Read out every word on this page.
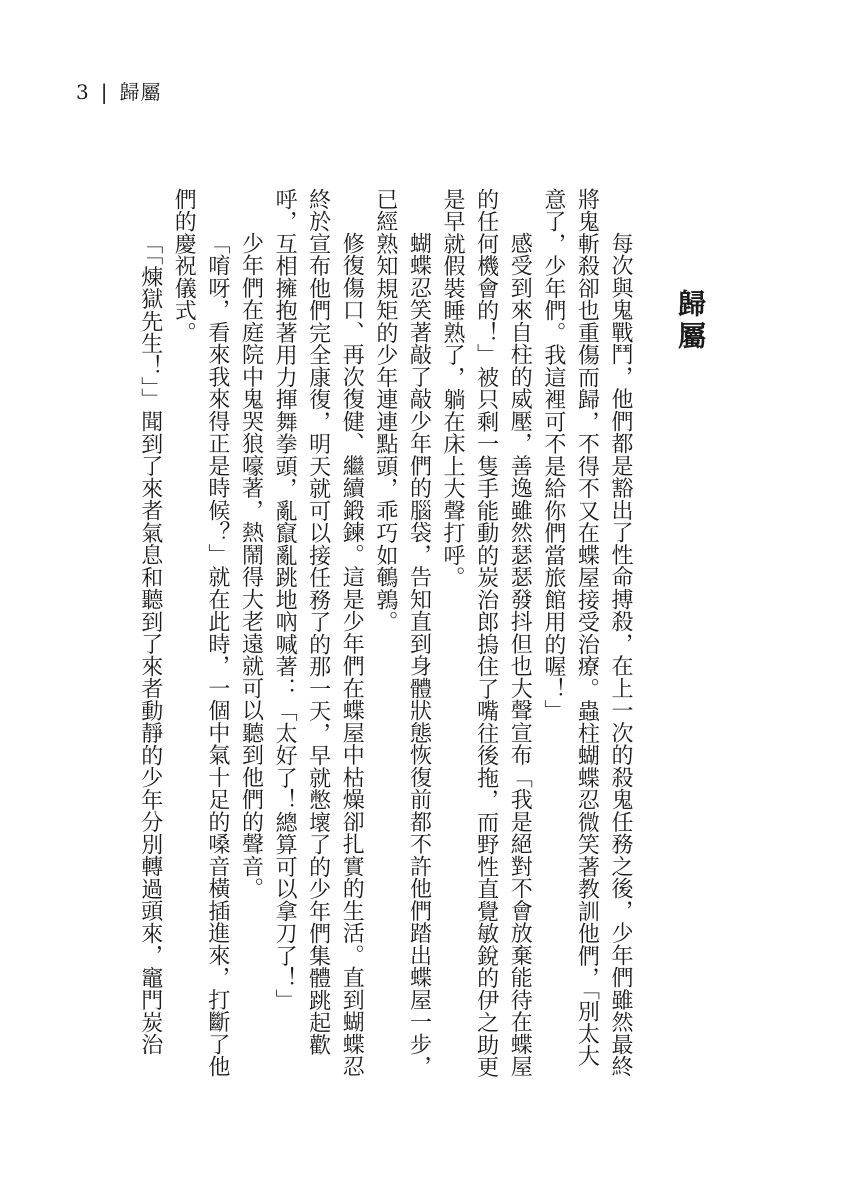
3 | 歸屬
歸屬
每次與鬼戰鬥，他們都是豁出了性命搏殺，在上一次的殺鬼任務之後，少年們雖然最終
將鬼斬殺卻也重傷而歸，不得不又在蝶屋接受治療。蟲柱蝴蝶忍微笑著教訓他們，「別太大
意了，少年們。我這裡可不是給你們當旅館用的喔！」
感受到來自柱的威壓，善逸雖然瑟瑟發抖但也大聲宣布「我是絕對不會放棄能待在蝶屋
的任何機會的！」被只剩一隻手能動的炭治郎摀住了嘴往後拖，而野性直覺敏銳的伊之助更
是早就假裝睡熟了，躺在床上大聲打呼。
蝴蝶忍笑著敲了敲少年們的腦袋，告知直到身體狀態恢復前都不許他們踏出蝶屋一步，
已經熟知規矩的少年連連點頭，乖巧如鵪鶉。
修復傷口、再次復健、繼續鍛鍊。這是少年們在蝶屋中枯燥卻扎實的生活。直到蝴蝶忍
終於宣布他們完全康復，明天就可以接任務了的那一天，早就憋壞了的少年們集體跳起歡
呼，互相擁抱著用力揮舞拳頭，亂竄亂跳地吶喊著：「太好了！總算可以拿刀了！」
少年們在庭院中鬼哭狼嚎著，熱鬧得大老遠就可以聽到他們的聲音。
「唷呀，看來我來得正是時候？」就在此時，一個中氣十足的嗓音橫插進來，打斷了他
們的慶祝儀式。
「「煉獄先生！」」聞到了來者氣息和聽到了來者動靜的少年分別轉過頭來，竈門炭治
